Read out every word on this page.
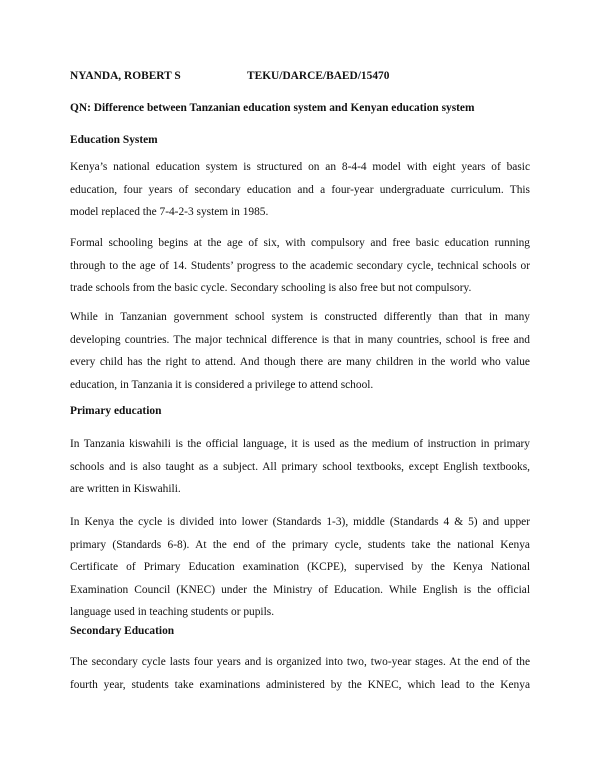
NYANDA, ROBERT S	TEKU/DARCE/BAED/15470
QN: Difference between Tanzanian education system and Kenyan education system
Education System
Kenya’s national education system is structured on an 8-4-4 model with eight years of basic
education, four years of secondary education and a four-year undergraduate curriculum. This
model replaced the 7-4-2-3 system in 1985.
Formal schooling begins at the age of six, with compulsory and free basic education running
through to the age of 14. Students’ progress to the academic secondary cycle, technical schools or
trade schools from the basic cycle. Secondary schooling is also free but not compulsory.
While in Tanzanian government school system is constructed differently than that in many
developing countries. The major technical difference is that in many countries, school is free and
every child has the right to attend. And though there are many children in the world who value
education, in Tanzania it is considered a privilege to attend school.
Primary education
In Tanzania kiswahili is the official language, it is used as the medium of instruction in primary
schools and is also taught as a subject. All primary school textbooks, except English textbooks,
are written in Kiswahili.
In Kenya the cycle is divided into lower (Standards 1-3), middle (Standards 4 & 5) and upper
primary (Standards 6-8). At the end of the primary cycle, students take the national Kenya
Certificate of Primary Education examination (KCPE), supervised by the Kenya National
Examination Council (KNEC) under the Ministry of Education. While English is the official
language used in teaching students or pupils.
Secondary Education
The secondary cycle lasts four years and is organized into two, two-year stages. At the end of the
fourth year, students take examinations administered by the KNEC, which lead to the Kenya
